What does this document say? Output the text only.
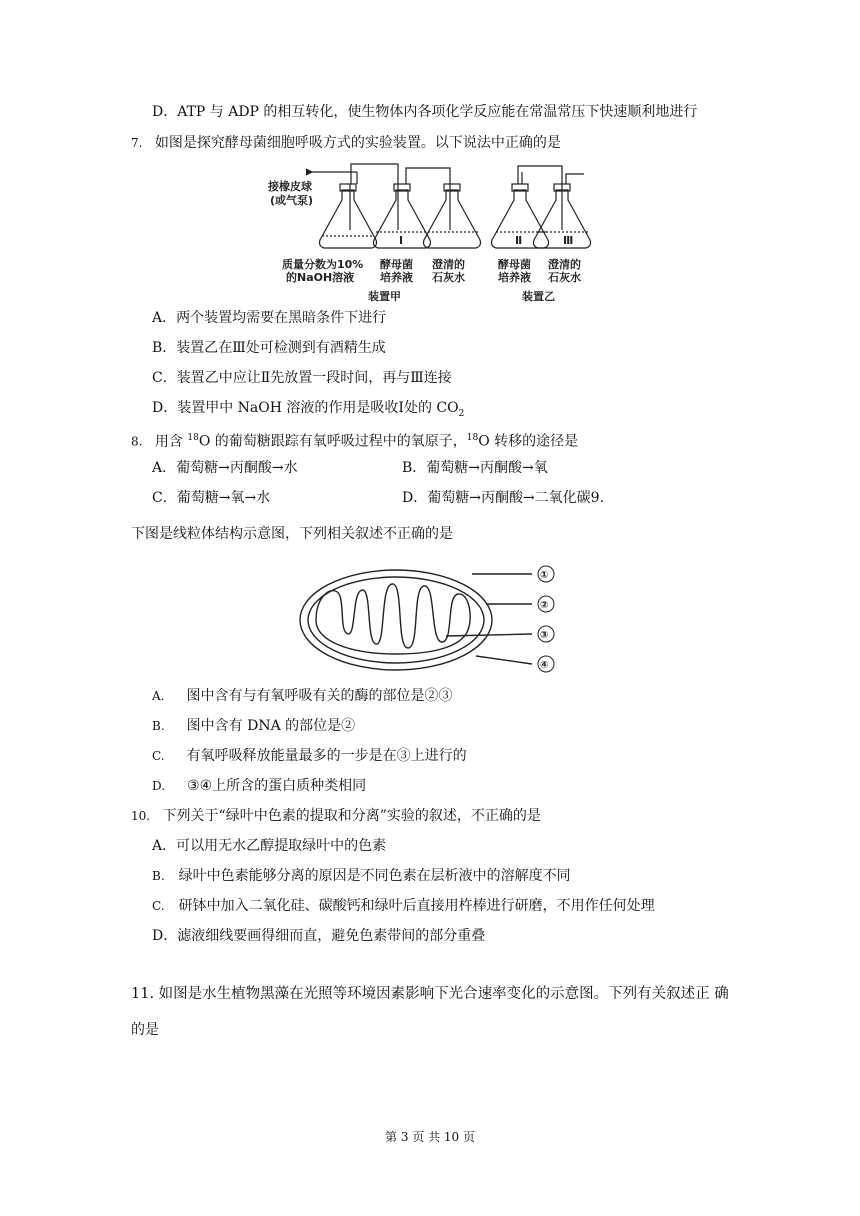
D．ATP 与 ADP 的相互转化，使生物体内各项化学反应能在常温常压下快速顺利地进行
7. 如图是探究酵母菌细胞呼吸方式的实验装置。以下说法中正确的是
接橡皮球
(或气泵)
Ⅰ	Ⅱ	Ⅲ
质量分数为10%
的NaOH溶液
酵母菌
培养液
澄清的
石灰水
酵母菌
培养液
澄清的
石灰水
装置甲	装置乙
A．两个装置均需要在黑暗条件下进行
B．装置乙在Ⅲ处可检测到有酒精生成
C．装置乙中应让Ⅱ先放置一段时间，再与Ⅲ连接
D．装置甲中 NaOH 溶液的作用是吸收Ⅰ处的 $CO_2$
8. 用含 $^{18}$O 的葡萄糖跟踪有氧呼吸过程中的氧原子，$^{18}$O 转移的途径是
A．葡萄糖→丙酮酸→水	B．葡萄糖→丙酮酸→氧
C．葡萄糖→氧→水	D．葡萄糖→丙酮酸→二氧化碳9.
下图是线粒体结构示意图，下列相关叙述不正确的是
①
②
③
④
A. 图中含有与有氧呼吸有关的酶的部位是②③
B. 图中含有 DNA 的部位是②
C. 有氧呼吸释放能量最多的一步是在③上进行的
D. ③④上所含的蛋白质种类相同
10. 下列关于“绿叶中色素的提取和分离”实验的叙述，不正确的是
A．可以用无水乙醇提取绿叶中的色素
B. 绿叶中色素能够分离的原因是不同色素在层析液中的溶解度不同
C. 研钵中加入二氧化硅、碳酸钙和绿叶后直接用杵棒进行研磨，不用作任何处理
D．滤液细线要画得细而直，避免色素带间的部分重叠
11. 如图是水生植物黑藻在光照等环境因素影响下光合速率变化的示意图。下列有关叙述正 确
的是
第 3 页 共 10 页
